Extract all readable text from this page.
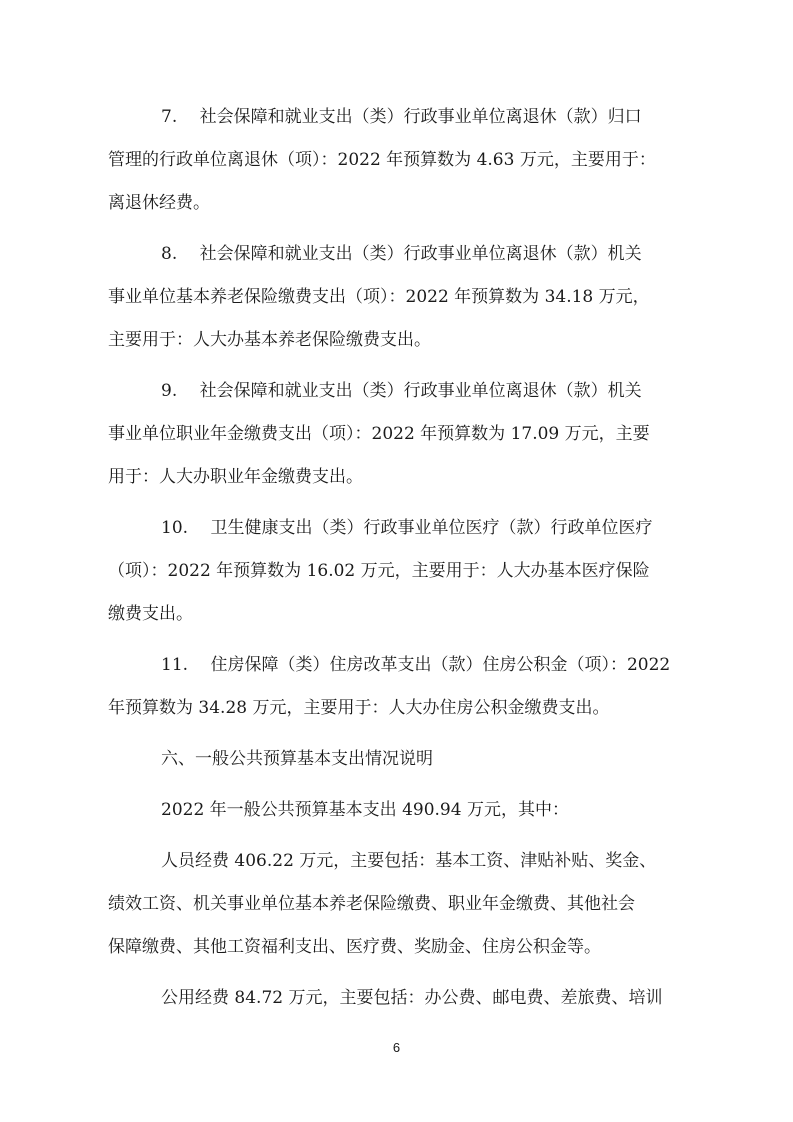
7.　 社会保障和就业支出（类）行政事业单位离退休（款）归口
管理的行政单位离退休（项）：2022 年预算数为 4.63 万元，主要用于：
离退休经费。
8.　 社会保障和就业支出（类）行政事业单位离退休（款）机关
事业单位基本养老保险缴费支出（项）：2022 年预算数为 34.18 万元，
主要用于：人大办基本养老保险缴费支出。
9.　 社会保障和就业支出（类）行政事业单位离退休（款）机关
事业单位职业年金缴费支出（项）：2022 年预算数为 17.09 万元，主要
用于：人大办职业年金缴费支出。
10.　 卫生健康支出（类）行政事业单位医疗（款）行政单位医疗
（项）：2022 年预算数为 16.02 万元，主要用于：人大办基本医疗保险
缴费支出。
11.　 住房保障（类）住房改革支出（款）住房公积金（项）：2022
年预算数为 34.28 万元，主要用于：人大办住房公积金缴费支出。
六、一般公共预算基本支出情况说明
2022 年一般公共预算基本支出 490.94 万元，其中：
人员经费 406.22 万元，主要包括：基本工资、津贴补贴、奖金、
绩效工资、机关事业单位基本养老保险缴费、职业年金缴费、其他社会
保障缴费、其他工资福利支出、医疗费、奖励金、住房公积金等。
公用经费 84.72 万元，主要包括：办公费、邮电费、差旅费、培训
6
